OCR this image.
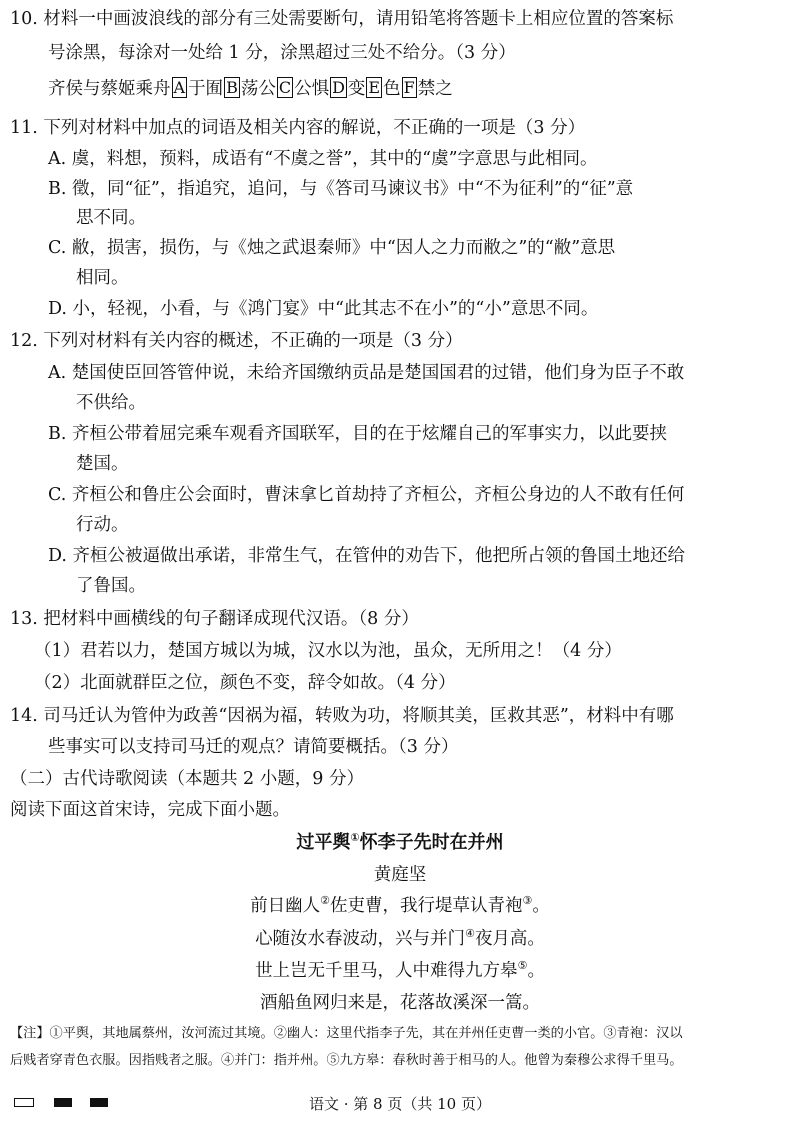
10. 材料一中画波浪线的部分有三处需要断句，请用铅笔将答题卡上相应位置的答案标
号涂黑，每涂对一处给 1 分，涂黑超过三处不给分。（3 分）
齐侯与蔡姬乘舟 A 于囿 B 荡公 C 公惧 D 变 E 色 F 禁之
11. 下列对材料中加点的词语及相关内容的解说，不正确的一项是（3 分）
A. 虞，料想，预料，成语有“不虞之誉”，其中的“虞”字意思与此相同。
B. 徵，同“征”，指追究，追问，与《答司马谏议书》中“不为征利”的“征”意
思不同。
C. 敝，损害，损伤，与《烛之武退秦师》中“因人之力而敝之”的“敝”意思
相同。
D. 小，轻视，小看，与《鸿门宴》中“此其志不在小”的“小”意思不同。
12. 下列对材料有关内容的概述，不正确的一项是（3 分）
A. 楚国使臣回答管仲说，未给齐国缴纳贡品是楚国国君的过错，他们身为臣子不敢
不供给。
B. 齐桓公带着屈完乘车观看齐国联军，目的在于炫耀自己的军事实力，以此要挟
楚国。
C. 齐桓公和鲁庄公会面时，曹沫拿匕首劫持了齐桓公，齐桓公身边的人不敢有任何
行动。
D. 齐桓公被逼做出承诺，非常生气，在管仲的劝告下，他把所占领的鲁国土地还给
了鲁国。
13. 把材料中画横线的句子翻译成现代汉语。（8 分）
（1）君若以力，楚国方城以为城，汉水以为池，虽众，无所用之！（4 分）
（2）北面就群臣之位，颜色不变，辞令如故。（4 分）
14. 司马迁认为管仲为政善“因祸为福，转败为功，将顺其美，匡救其恶”，材料中有哪
些事实可以支持司马迁的观点？请简要概括。（3 分）
（二）古代诗歌阅读（本题共 2 小题，9 分）
阅读下面这首宋诗，完成下面小题。
过平舆①怀李子先时在并州
黄庭坚
前日幽人②佐吏曹，我行堤草认青袍③。
心随汝水春波动，兴与并门④夜月高。
世上岂无千里马，人中难得九方皋⑤。
酒船鱼网归来是，花落故溪深一篙。
【注】①平舆，其地属蔡州，汝河流过其境。②幽人：这里代指李子先，其在并州任吏曹一类的小官。③青袍：汉以
后贱者穿青色衣服。因指贱者之服。④并门：指并州。⑤九方皋：春秋时善于相马的人。他曾为秦穆公求得千里马。
语文 · 第 8 页（共 10 页）
